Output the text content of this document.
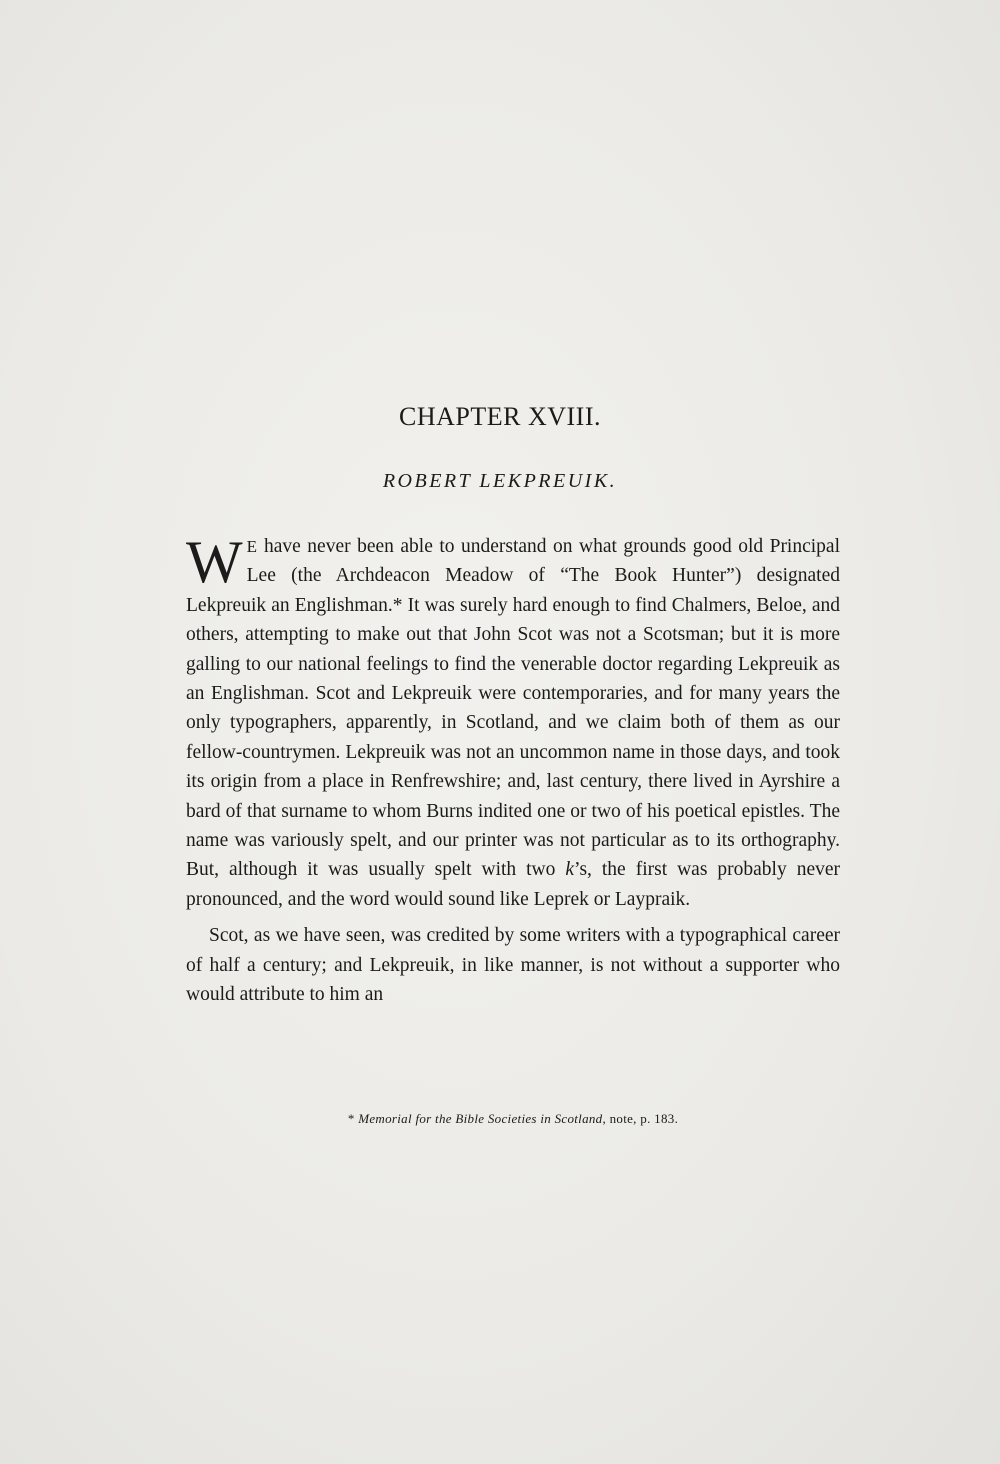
CHAPTER XVIII.
ROBERT LEKPREUIK.

W E have never been able to understand on what grounds good old Principal Lee (the Archdeacon Meadow of “The Book Hunter”) designated Lekpreuik an Englishman.* It was surely hard enough to find Chalmers, Beloe, and others, attempting to make out that John Scot was not a Scotsman; but it is more galling to our national feelings to find the venerable doctor regarding Lekpreuik as an Englishman. Scot and Lekpreuik were contemporaries, and for many years the only typographers, apparently, in Scotland, and we claim both of them as our fellow-countrymen. Lekpreuik was not an uncommon name in those days, and took its origin from a place in Renfrewshire; and, last century, there lived in Ayrshire a bard of that surname to whom Burns indited one or two of his poetical epistles. The name was variously spelt, and our printer was not particular as to its orthography. But, although it was usually spelt with two k’s, the first was probably never pronounced, and the word would sound like Leprek or Laypraik.

Scot, as we have seen, was credited by some writers with a typographical career of half a century; and Lekpreuik, in like manner, is not without a supporter who would attribute to him an

* Memorial for the Bible Societies in Scotland, note, p. 183.
